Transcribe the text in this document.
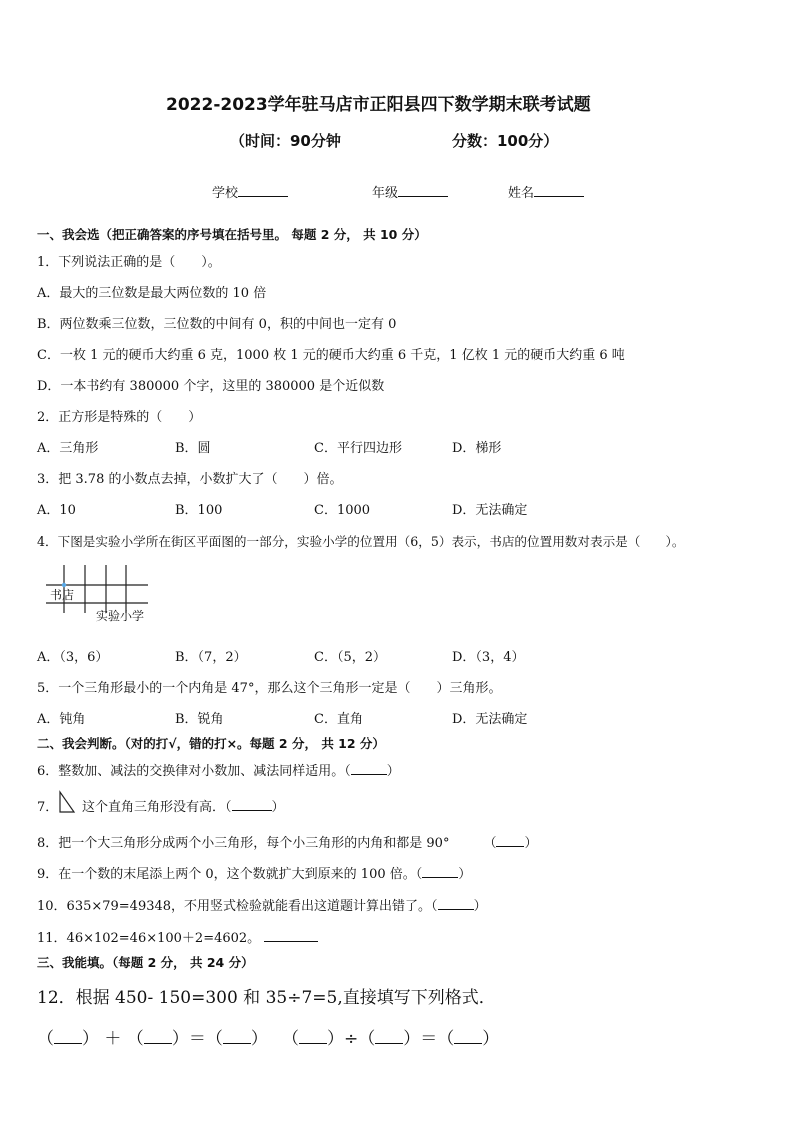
2022-2023学年驻马店市正阳县四下数学期末联考试题
（时间：90分钟	分数：100分）
学校	年级	姓名
一、我会选（把正确答案的序号填在括号里。 每题 2 分， 共 10 分）
1．下列说法正确的是（　　）。
A．最大的三位数是最大两位数的 10 倍
B．两位数乘三位数，三位数的中间有 0，积的中间也一定有 0
C．一枚 1 元的硬币大约重 6 克，1000 枚 1 元的硬币大约重 6 千克，1 亿枚 1 元的硬币大约重 6 吨
D．一本书约有 380000 个字，这里的 380000 是个近似数
2．正方形是特殊的（　　）
A．三角形	B．圆	C．平行四边形	D．梯形
3．把 3.78 的小数点去掉，小数扩大了（　　）倍。
A．10	B．100	C．1000	D．无法确定
4．下图是实验小学所在街区平面图的一部分，实验小学的位置用（6，5）表示，书店的位置用数对表示是（　　）。
书店
实验小学
A．（3，6）	B．（7，2）	C．（5，2）	D．（3，4）
5．一个三角形最小的一个内角是 47°，那么这个三角形一定是（　　）三角形。
A．钝角	B．锐角	C．直角	D．无法确定
二、我会判断。（对的打√，错的打×。每题 2 分， 共 12 分）
6．整数加、减法的交换律对小数加、减法同样适用。（	）
7． 这个直角三角形没有高．（	）
8．把一个大三角形分成两个小三角形，每个小三角形的内角和都是 90°	（ ）
9．在一个数的末尾添上两个 0，这个数就扩大到原来的 100 倍。（	）
10．635×79=49348，不用竖式检验就能看出这道题计算出错了。（	）
11．46×102=46×100＋2=4602。
三、我能填。（每题 2 分， 共 24 分）
12．根据 450- 150=300 和 35÷7=5,直接填写下列格式．
（ ） ＋ （ ）＝（ ） （ ）÷（ ）＝（ ）
